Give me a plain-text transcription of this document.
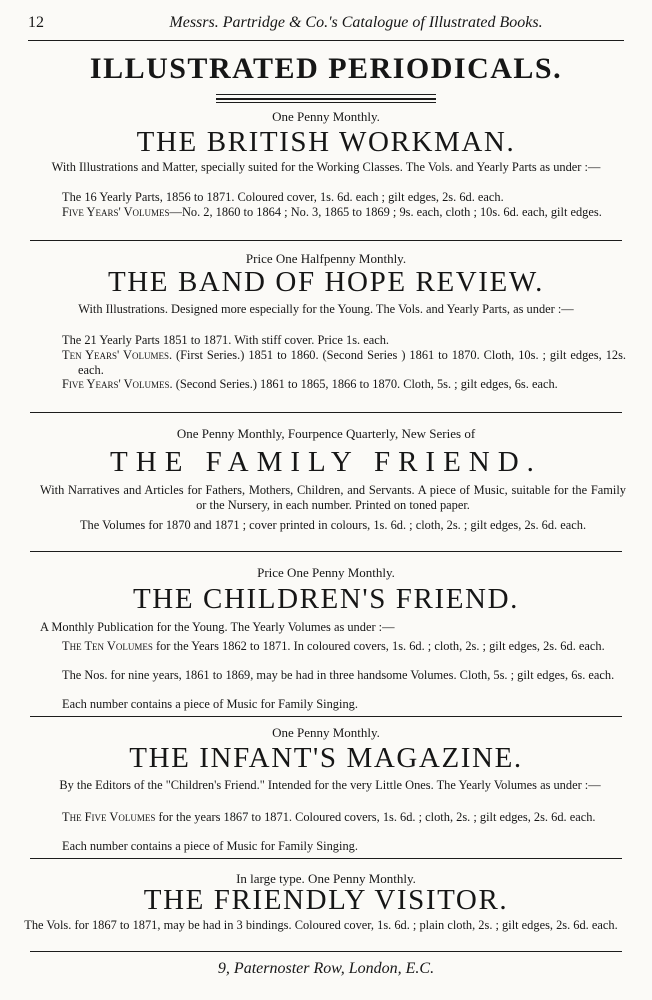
12	Messrs. Partridge & Co.'s Catalogue of Illustrated Books.
ILLUSTRATED PERIODICALS.
One Penny Monthly.
THE BRITISH WORKMAN.
With Illustrations and Matter, specially suited for the Working Classes. The Vols. and Yearly Parts as under :—
The 16 Yearly Parts, 1856 to 1871. Coloured cover, 1s. 6d. each ; gilt edges, 2s. 6d. each.
Five Years' Volumes—No. 2, 1860 to 1864 ; No. 3, 1865 to 1869 ; 9s. each, cloth ; 10s. 6d. each, gilt edges.
Price One Halfpenny Monthly.
THE BAND OF HOPE REVIEW.
With Illustrations. Designed more especially for the Young. The Vols. and Yearly Parts, as under :—
The 21 Yearly Parts 1851 to 1871. With stiff cover. Price 1s. each.
Ten Years' Volumes. (First Series.) 1851 to 1860. (Second Series ) 1861 to 1870. Cloth, 10s. ; gilt edges, 12s. each.
Five Years' Volumes. (Second Series.) 1861 to 1865, 1866 to 1870. Cloth, 5s. ; gilt edges, 6s. each.
One Penny Monthly, Fourpence Quarterly, New Series of
THE FAMILY FRIEND.
With Narratives and Articles for Fathers, Mothers, Children, and Servants. A piece of Music, suitable for the Family or the Nursery, in each number. Printed on toned paper.
The Volumes for 1870 and 1871 ; cover printed in colours, 1s. 6d. ; cloth, 2s. ; gilt edges, 2s. 6d. each.
Price One Penny Monthly.
THE CHILDREN'S FRIEND.
A Monthly Publication for the Young. The Yearly Volumes as under :—
The Ten Volumes for the Years 1862 to 1871. In coloured covers, 1s. 6d. ; cloth, 2s. ; gilt edges, 2s. 6d. each.
The Nos. for nine years, 1861 to 1869, may be had in three handsome Volumes. Cloth, 5s. ; gilt edges, 6s. each.
Each number contains a piece of Music for Family Singing.
One Penny Monthly.
THE INFANT'S MAGAZINE.
By the Editors of the "Children's Friend." Intended for the very Little Ones. The Yearly Volumes as under :—
The Five Volumes for the years 1867 to 1871. Coloured covers, 1s. 6d. ; cloth, 2s. ; gilt edges, 2s. 6d. each.
Each number contains a piece of Music for Family Singing.
In large type. One Penny Monthly.
THE FRIENDLY VISITOR.
The Vols. for 1867 to 1871, may be had in 3 bindings. Coloured cover, 1s. 6d. ; plain cloth, 2s. ; gilt edges, 2s. 6d. each.
9, Paternoster Row, London, E.C.
